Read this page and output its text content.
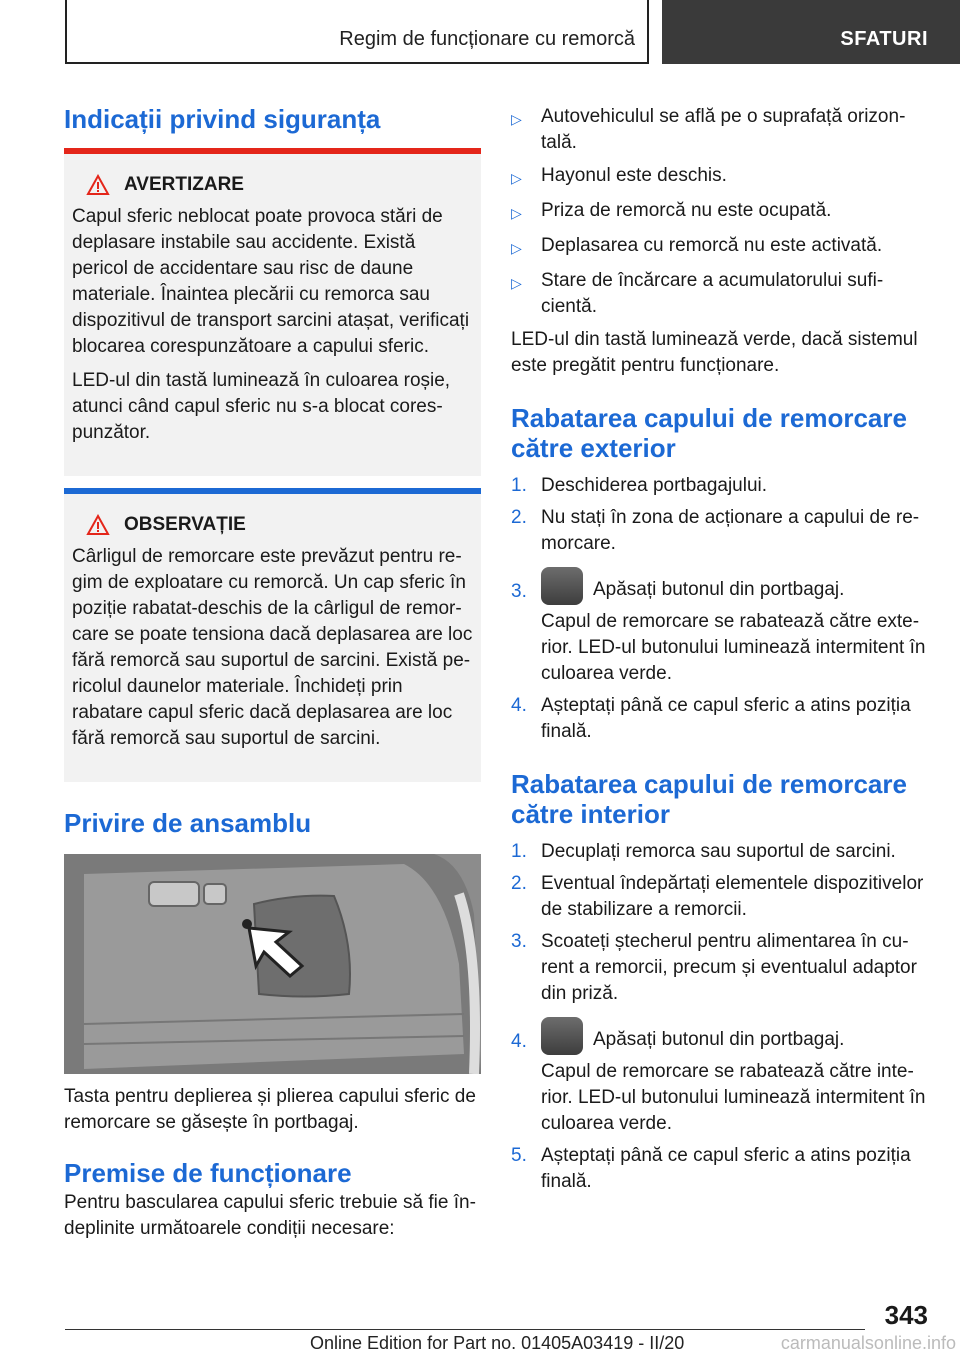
Regim de funcționare cu remorcă	SFATURI
Indicații privind siguranța
AVERTIZARE

Capul sferic neblocat poate provoca stări de deplasare instabile sau accidente. Există pericol de accidentare sau risc de daune materiale. Înaintea plecării cu remorca sau dispozitivul de transport sarcini atașat, verificați blocarea corespunzătoare a capului sferic.

LED-ul din tastă luminează în culoarea roșie, atunci când capul sferic nu s-a blocat corespunzător.

OBSERVAȚIE

Cârligul de remorcare este prevăzut pentru regim de exploatare cu remorcă. Un cap sferic în poziție rabatat-deschis de la cârligul de remorcare se poate tensiona dacă deplasarea are loc fără remorcă sau suportul de sarcini. Există pericolul daunelor materiale. Închideți prin rabatare capul sferic dacă deplasarea are loc fără remorcă sau suportul de sarcini.

Privire de ansamblu

Tasta pentru deplierea și plierea capului sferic de remorcare se găsește în portbagaj.

Premise de funcționare

Pentru bascularea capului sferic trebuie să fie îndeplinite următoarele condiții necesare:

▷	Autovehiculul se află pe o suprafață orizontală.
▷	Hayonul este deschis.
▷	Priza de remorcă nu este ocupată.
▷	Deplasarea cu remorcă nu este activată.
▷	Stare de încărcare a acumulatorului suficientă.

LED-ul din tastă luminează verde, dacă sistemul este pregătit pentru funcționare.

Rabatarea capului de remorcare către exterior
1. Deschiderea portbagajului.
2. Nu stați în zona de acționare a capului de remorcare.
3.	Apăsați butonul din portbagaj.

Capul de remorcare se rabatează către exterior. LED-ul butonului luminează intermitent în culoarea verde.

4. Așteptați până ce capul sferic a atins poziția finală.
Rabatarea capului de remorcare către interior
1. Decuplați remorca sau suportul de sarcini.
2. Eventual îndepărtați elementele dispozitivelor de stabilizare a remorcii.
3. Scoateți ștecherul pentru alimentarea în curent a remorcii, precum și eventualul adaptor din priză.
4.	Apăsați butonul din portbagaj.

Capul de remorcare se rabatează către interior. LED-ul butonului luminează intermitent în culoarea verde.

5. Așteptați până ce capul sferic a atins poziția finală.
343
Online Edition for Part no. 01405A03419 - II/20	carmanualsonline.info
